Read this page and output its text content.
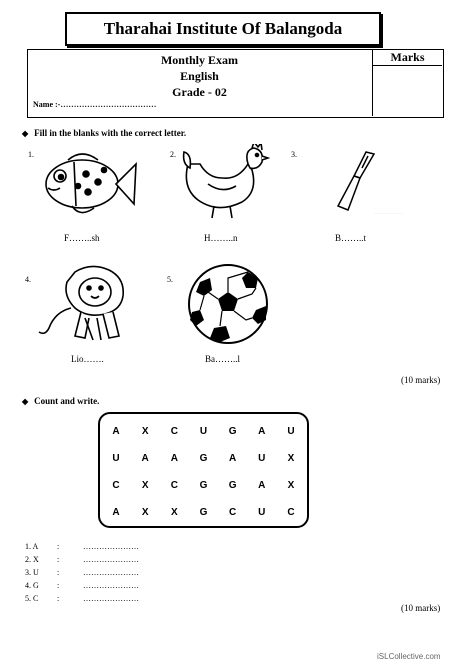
Tharahai Institute Of Balangoda
Monthly Exam
English
Grade - 02
Name :-………………………………
Marks
◆ Fill in the blanks with the correct letter.
1.
F……..sh
2.
H……..n
3.
·····························
B……..t
4.
Lio…….
5.
Ba……..l
(10 marks)
◆ Count and write.
A	X	C	U	G	A	U
U	A	A	G	A	U	X
C	X	C	G	G	A	X
A	X	X	G	C	U	C
1. A :	…………………
2. X :	…………………
3. U :	…………………
4. G :	…………………
5. C :	…………………
(10 marks)
iSLCollective.com
